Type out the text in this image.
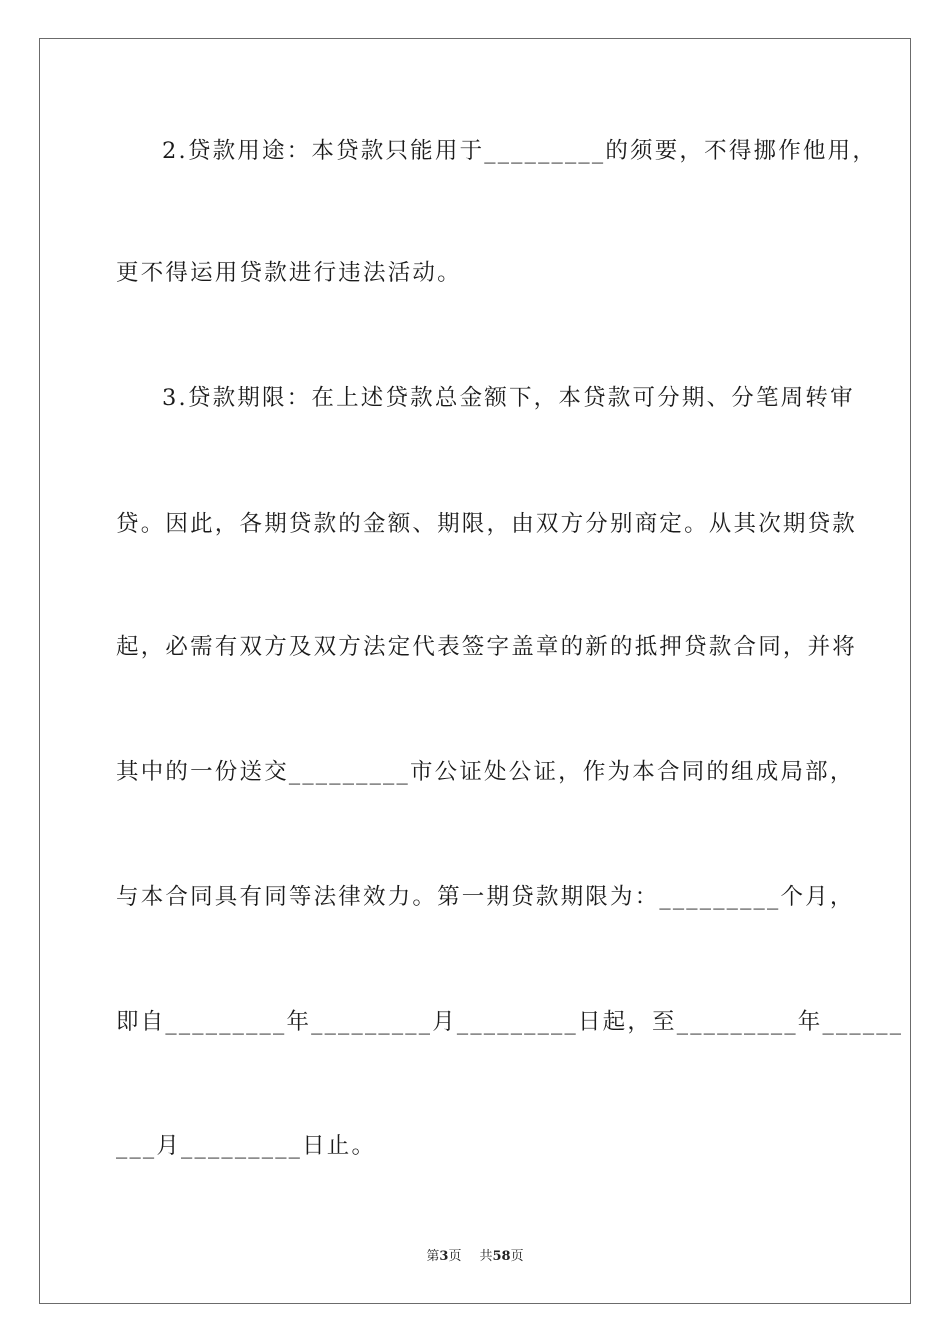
2.贷款用途：本贷款只能用于_________的须要，不得挪作他用，
更不得运用贷款进行违法活动。
3.贷款期限：在上述贷款总金额下，本贷款可分期、分笔周转审
贷。因此，各期贷款的金额、期限，由双方分别商定。从其次期贷款
起，必需有双方及双方法定代表签字盖章的新的抵押贷款合同，并将
其中的一份送交_________市公证处公证，作为本合同的组成局部，
与本合同具有同等法律效力。第一期贷款期限为：_________个月，
即自_________年_________月_________日起，至_________年______
___月_________日止。
第3页 共58页
